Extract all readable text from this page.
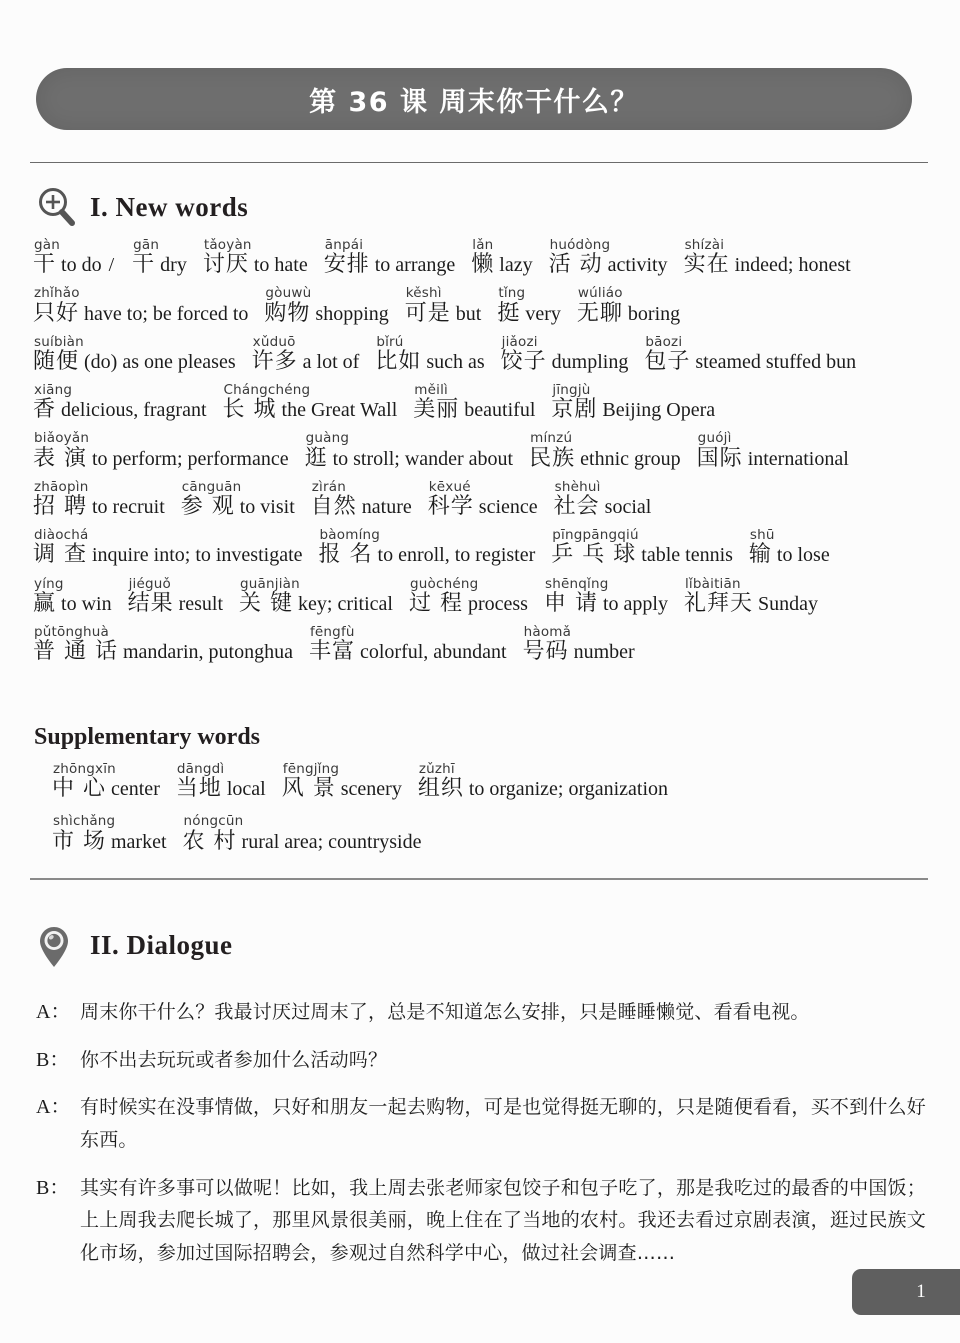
第 36 课 周末你干什么？
I. New words
gàn
干 to do /
gān
干 dry
tǎoyàn
讨厌 to hate
ānpái
安排 to arrange
lǎn
懒 lazy
huódòng
活 动 activity
shízài
实在 indeed; honest
zhǐhǎo
只好 have to; be forced to
gòuwù
购物 shopping
kěshì
可是 but
tǐng
挺 very
wúliáo
无聊 boring
suíbiàn
随便 (do) as one pleases
xǔduō
许多 a lot of
bǐrú
比如 such as
jiǎozi
饺子 dumpling
bāozi
包子 steamed stuffed bun
xiāng
香 delicious, fragrant
Chángchéng
长 城 the Great Wall
měilì
美丽 beautiful
jīngjù
京剧 Beijing Opera
biǎoyǎn
表 演 to perform; performance
guàng
逛 to stroll; wander about
mínzú
民族 ethnic group
guójì
国际 international
zhāopìn
招 聘 to recruit
cānguān
参 观 to visit
zìrán
自然 nature
kēxué
科学 science
shèhuì
社会 social
diàochá
调 查 inquire into; to investigate
bàomíng
报 名 to enroll, to register
pīngpāngqiú
乒 乓 球 table tennis
shū
输 to lose
yíng
赢 to win
jiéguǒ
结果 result
guānjiàn
关 键 key; critical
guòchéng
过 程 process
shēnqǐng
申 请 to apply
lǐbàitiān
礼拜天 Sunday
pǔtōnghuà
普 通 话 mandarin, putonghua
fēngfù
丰富 colorful, abundant
hàomǎ
号码 number
Supplementary words
zhōngxīn
中 心 center
dāngdì
当地 local
fēngjǐng
风 景 scenery
zǔzhī
组织 to organize; organization
shìchǎng
市 场 market
nóngcūn
农 村 rural area; countryside
II. Dialogue
A： 周末你干什么？我最讨厌过周末了，总是不知道怎么安排，只是睡睡懒觉、看看电视。
B： 你不出去玩玩或者参加什么活动吗？
A： 有时候实在没事情做，只好和朋友一起去购物，可是也觉得挺无聊的，只是随便看看，买不到什么好东西。
B： 其实有许多事可以做呢！比如，我上周去张老师家包饺子和包子吃了，那是我吃过的最香的中国饭；上上周我去爬长城了，那里风景很美丽，晚上住在了当地的农村。我还去看过京剧表演，逛过民族文化市场，参加过国际招聘会，参观过自然科学中心，做过社会调查……
1
